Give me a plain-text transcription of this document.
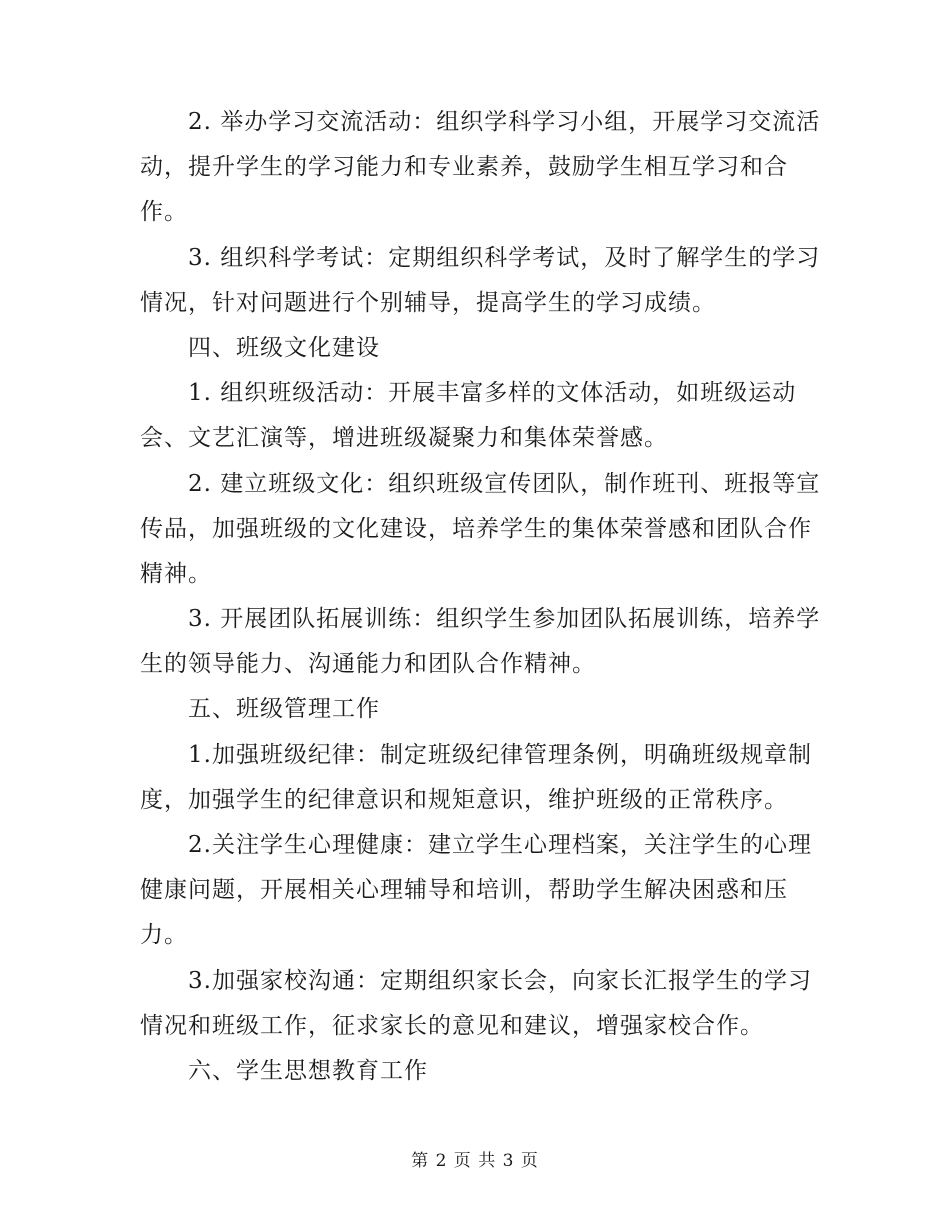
2. 举办学习交流活动：组织学科学习小组，开展学习交流活
动，提升学生的学习能力和专业素养，鼓励学生相互学习和合
作。
3. 组织科学考试：定期组织科学考试，及时了解学生的学习
情况，针对问题进行个别辅导，提高学生的学习成绩。
四、班级文化建设
1. 组织班级活动：开展丰富多样的文体活动，如班级运动
会、文艺汇演等，增进班级凝聚力和集体荣誉感。
2. 建立班级文化：组织班级宣传团队，制作班刊、班报等宣
传品，加强班级的文化建设，培养学生的集体荣誉感和团队合作
精神。
3. 开展团队拓展训练：组织学生参加团队拓展训练，培养学
生的领导能力、沟通能力和团队合作精神。
五、班级管理工作
1.加强班级纪律：制定班级纪律管理条例，明确班级规章制
度，加强学生的纪律意识和规矩意识，维护班级的正常秩序。
2.关注学生心理健康：建立学生心理档案，关注学生的心理
健康问题，开展相关心理辅导和培训，帮助学生解决困惑和压
力。
3.加强家校沟通：定期组织家长会，向家长汇报学生的学习
情况和班级工作，征求家长的意见和建议，增强家校合作。
六、学生思想教育工作
第 2 页 共 3 页
